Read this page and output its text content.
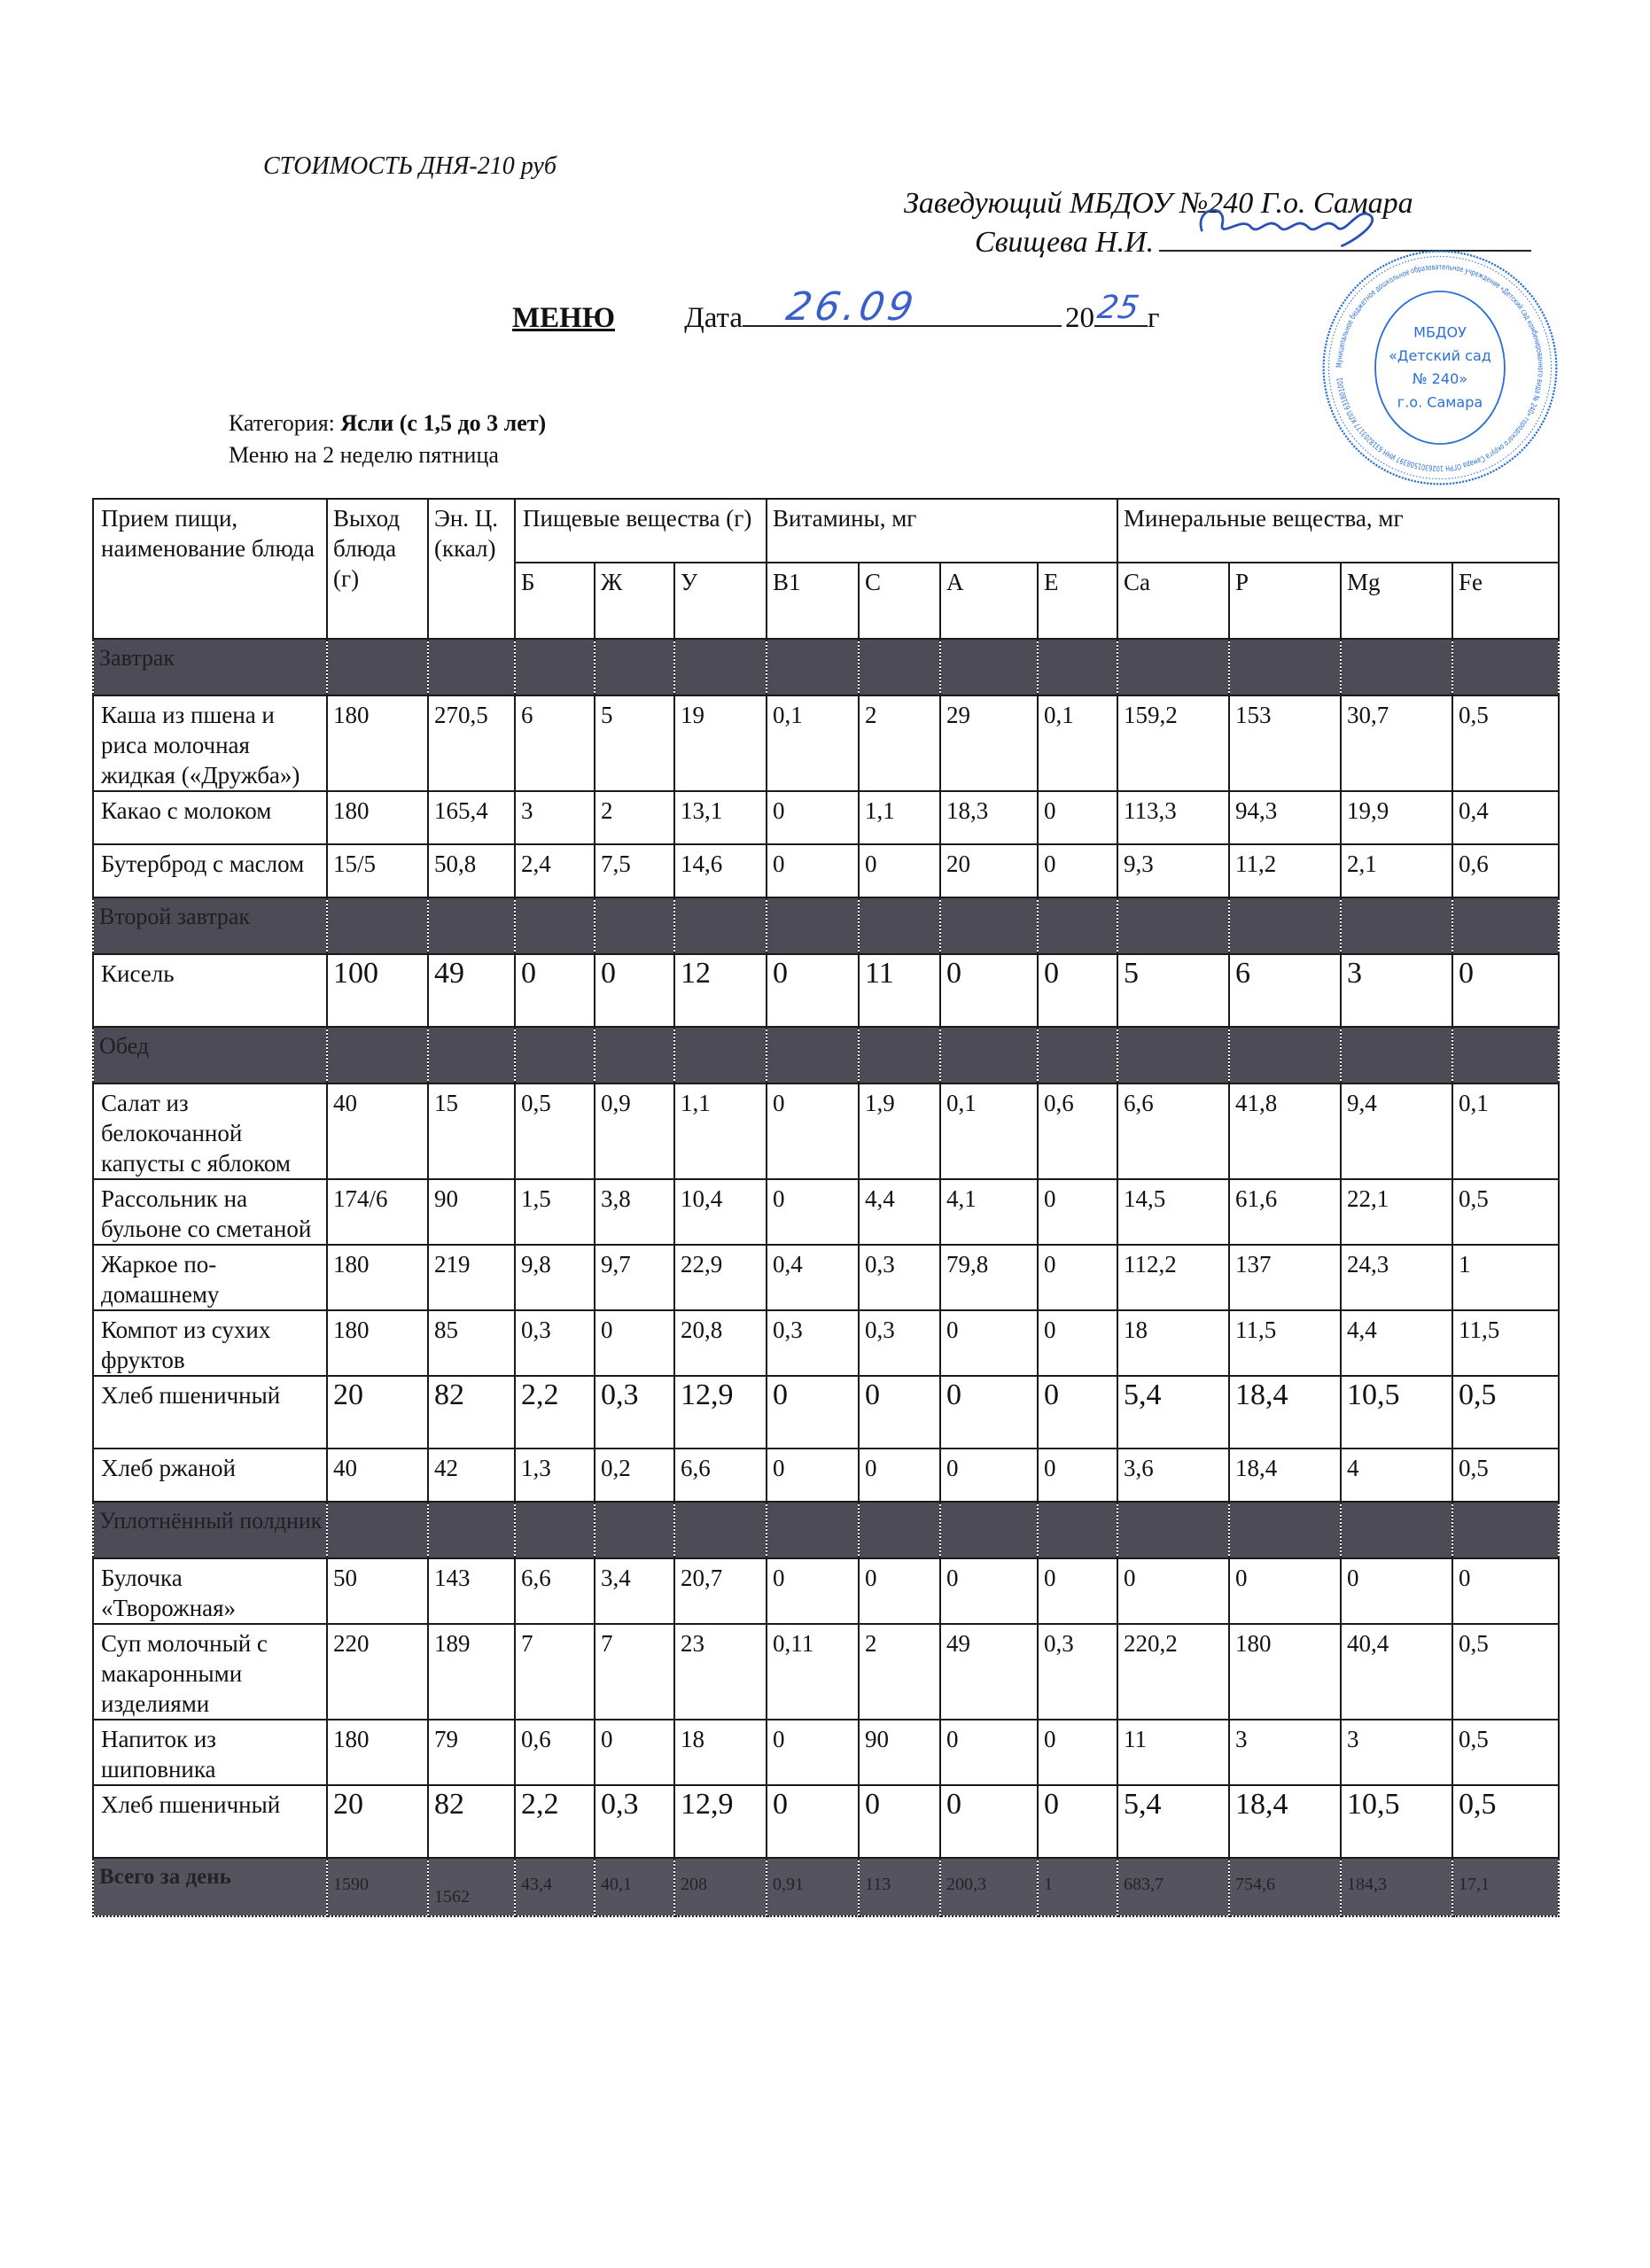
СТОИМОСТЬ ДНЯ-210 руб
Заведующий МБДОУ №240 Г.о. Самара
Свищева Н.И.
Муниципальное бюджетное дошкольное образовательное учреждение «Детский сад комбинированного вида № 240» городского округа Самара ОГРН 1026301508397 ИНН 6318203177 КПП 631801001
МБДОУ
«Детский сад
№ 240»
г.о. Самара
МЕНЮ Дата 26.09	20 25 г
Категория: Ясли (с 1,5 до 3 лет)
Меню на 2 неделю пятница
Прием пищи, наименование блюда	Выход блюда (г)	Эн. Ц. (ккал)	Пищевые вещества (г)			Витамины, мг				Минеральные вещества, мг			
			Б	Ж	У	B1	C	A	E	Ca	P	Mg	Fe
Завтрак													
Каша из пшена и риса молочная жидкая («Дружба»)	180	270,5	6	5	19	0,1	2	29	0,1	159,2	153	30,7	0,5
Какао с молоком	180	165,4	3	2	13,1	0	1,1	18,3	0	113,3	94,3	19,9	0,4
Бутерброд с маслом	15/5	50,8	2,4	7,5	14,6	0	0	20	0	9,3	11,2	2,1	0,6
Второй завтрак													
Кисель	100	49	0	0	12	0	11	0	0	5	6	3	0
Обед													
Салат из белокочанной капусты с яблоком	40	15	0,5	0,9	1,1	0	1,9	0,1	0,6	6,6	41,8	9,4	0,1
Рассольник на бульоне со сметаной	174/6	90	1,5	3,8	10,4	0	4,4	4,1	0	14,5	61,6	22,1	0,5
Жаркое по-домашнему	180	219	9,8	9,7	22,9	0,4	0,3	79,8	0	112,2	137	24,3	1
Компот из сухих фруктов	180	85	0,3	0	20,8	0,3	0,3	0	0	18	11,5	4,4	11,5
Хлеб пшеничный	20	82	2,2	0,3	12,9	0	0	0	0	5,4	18,4	10,5	0,5
Хлеб ржаной	40	42	1,3	0,2	6,6	0	0	0	0	3,6	18,4	4	0,5
Уплотнённый полдник													
Булочка «Творожная»	50	143	6,6	3,4	20,7	0	0	0	0	0	0	0	0
Суп молочный с макаронными изделиями	220	189	7	7	23	0,11	2	49	0,3	220,2	180	40,4	0,5
Напиток из шиповника	180	79	0,6	0	18	0	90	0	0	11	3	3	0,5
Хлеб пшеничный	20	82	2,2	0,3	12,9	0	0	0	0	5,4	18,4	10,5	0,5
Всего за день	1590	1562	43,4	40,1	208	0,91	113	200,3	1	683,7	754,6	184,3	17,1
